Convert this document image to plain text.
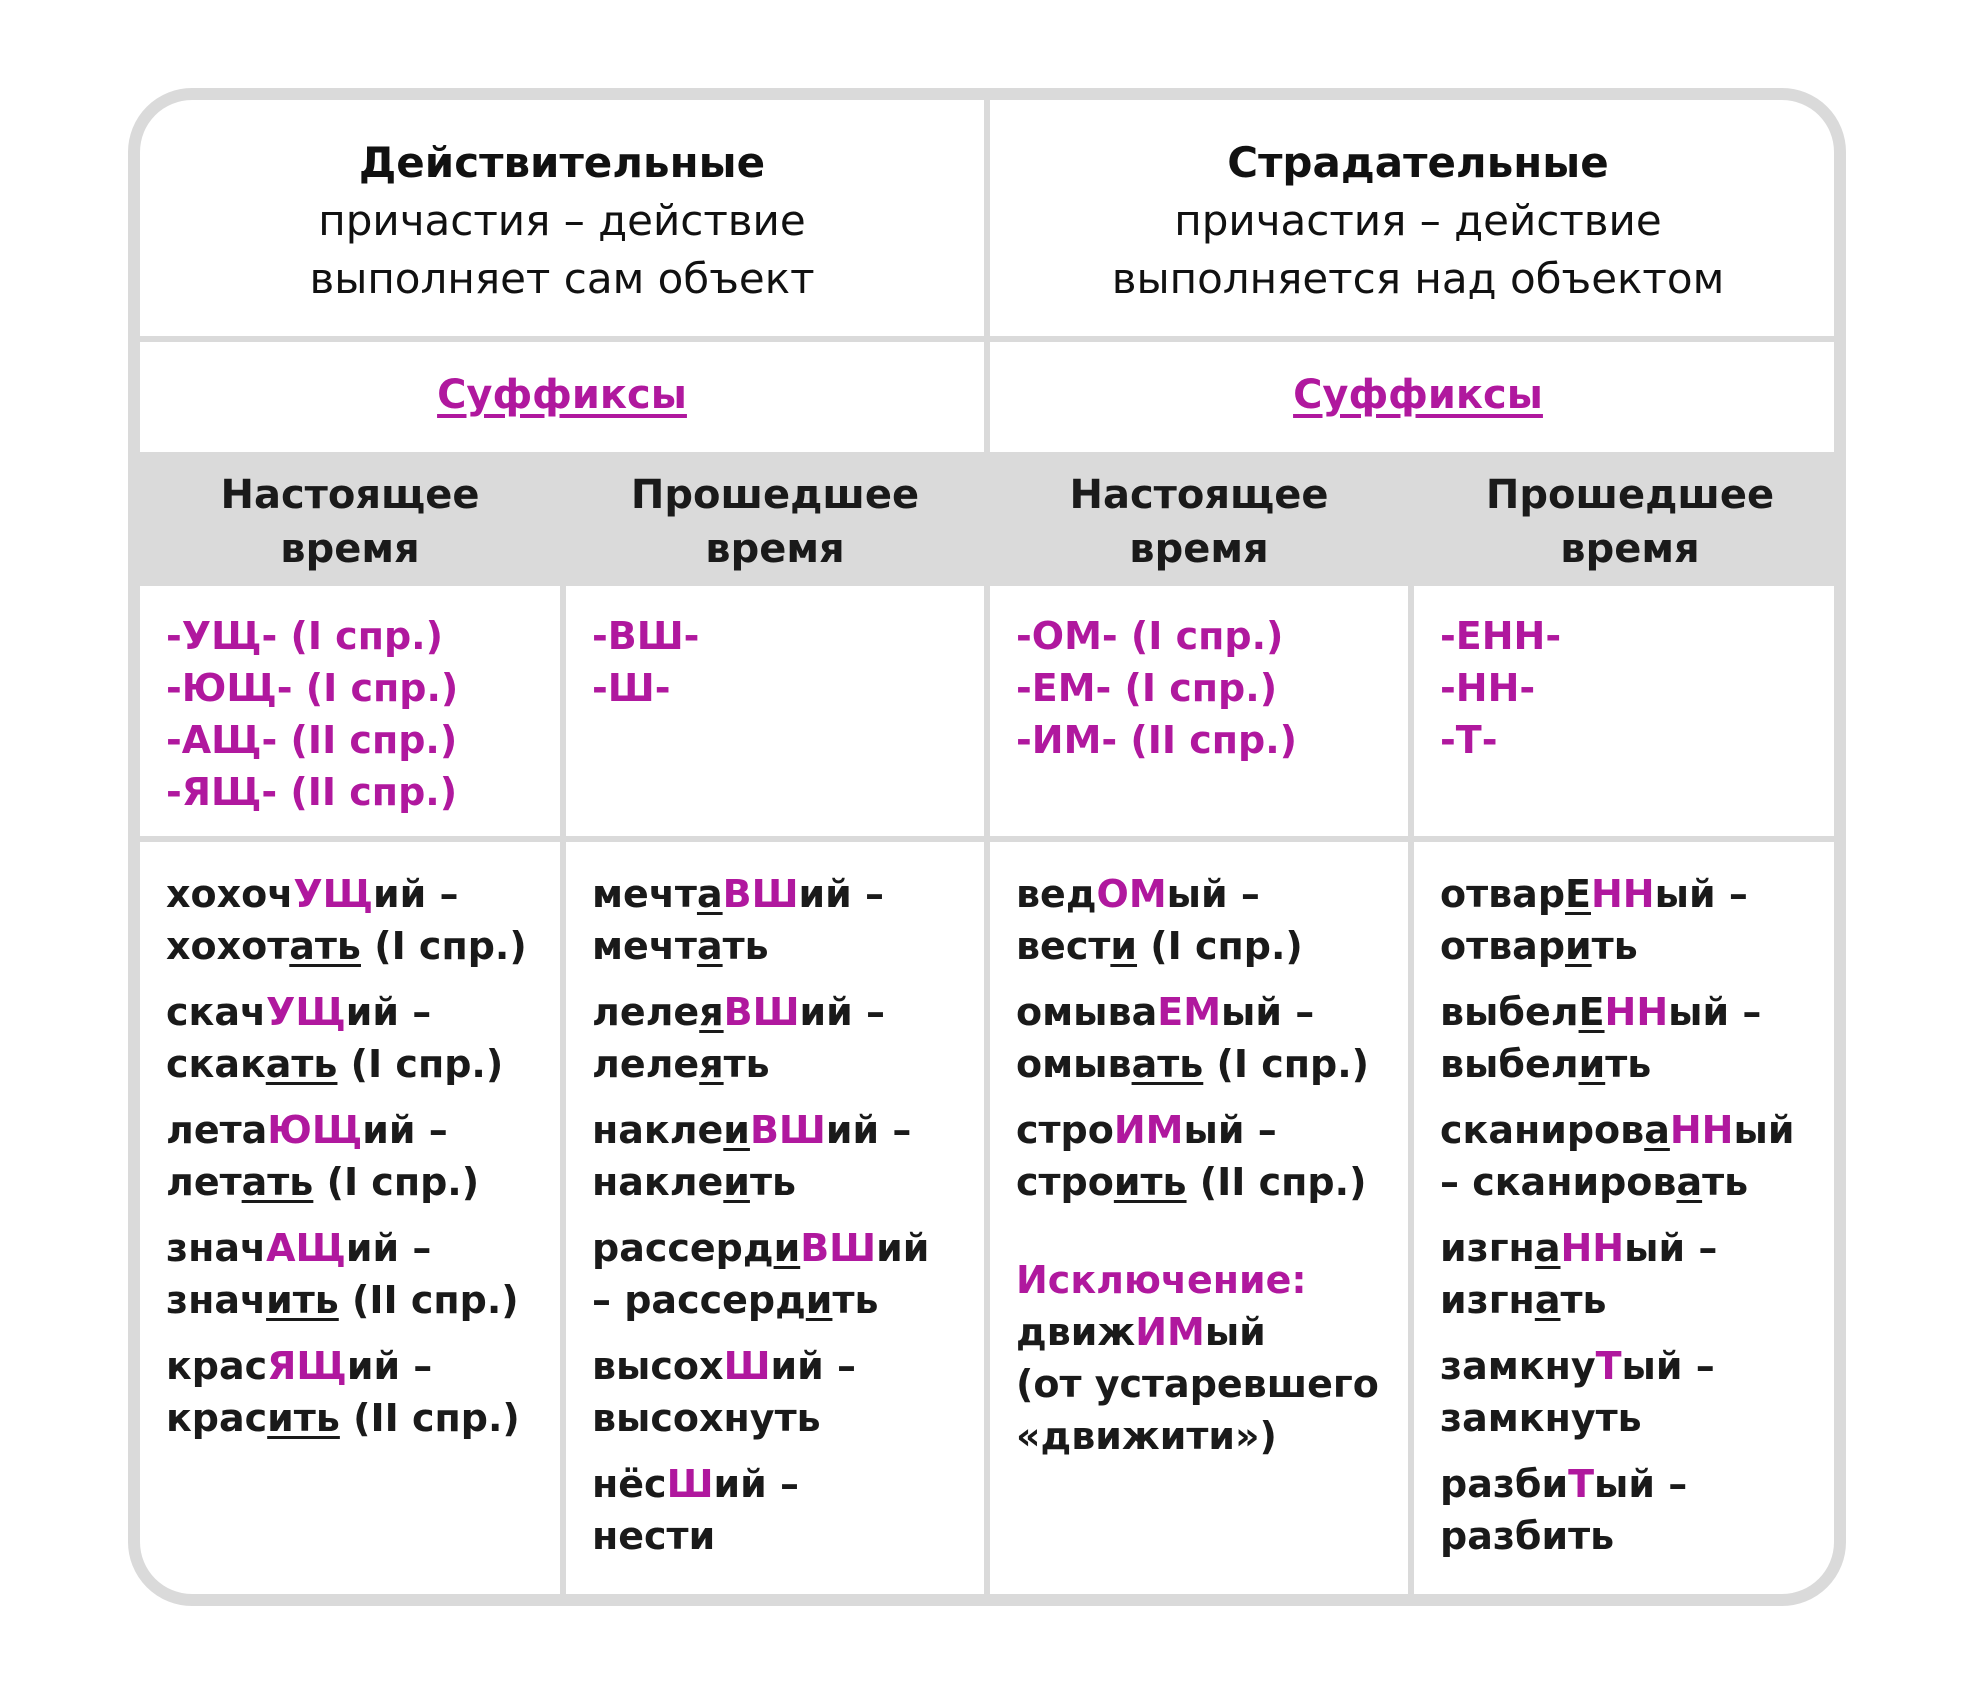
Действительные
причастия – действие
выполняет сам объект
Страдательные
причастия – действие
выполняется над объектом
Суффиксы	Суффиксы
Настоящее
время
Прошедшее
время
Настоящее
время
Прошедшее
время
-УЩ- (I спр.)
-ЮЩ- (I спр.)
-АЩ- (II спр.)
-ЯЩ- (II спр.)
-ВШ-
-Ш-
-ОМ- (I спр.)
-ЕМ- (I спр.)
-ИМ- (II спр.)
-ЕНН-
-НН-
-Т-
хохочУЩий –
хохотать (I спр.)
скачУЩий –
скакать (I спр.)
летаЮЩий –
летать (I спр.)
значАЩий –
значить (II спр.)
красЯЩий –
красить (II спр.)
мечтаВШий –
мечтать
лелеяВШий –
лелеять
наклеиВШий –
наклеить
рассердиВШий
– рассердить
высохШий –
высохнуть
нёсШий –
нести
ведОМый –
вести (I спр.)
омываЕМый –
омывать (I спр.)
строИМый –
строить (II спр.)
Исключение:
движИМый
(от устаревшего
«движити»)
отварЕННый –
отварить
выбелЕННый –
выбелить
сканироваННый
– сканировать
изгнаННый –
изгнать
замкнуТый –
замкнуть
разбиТый –
разбить
